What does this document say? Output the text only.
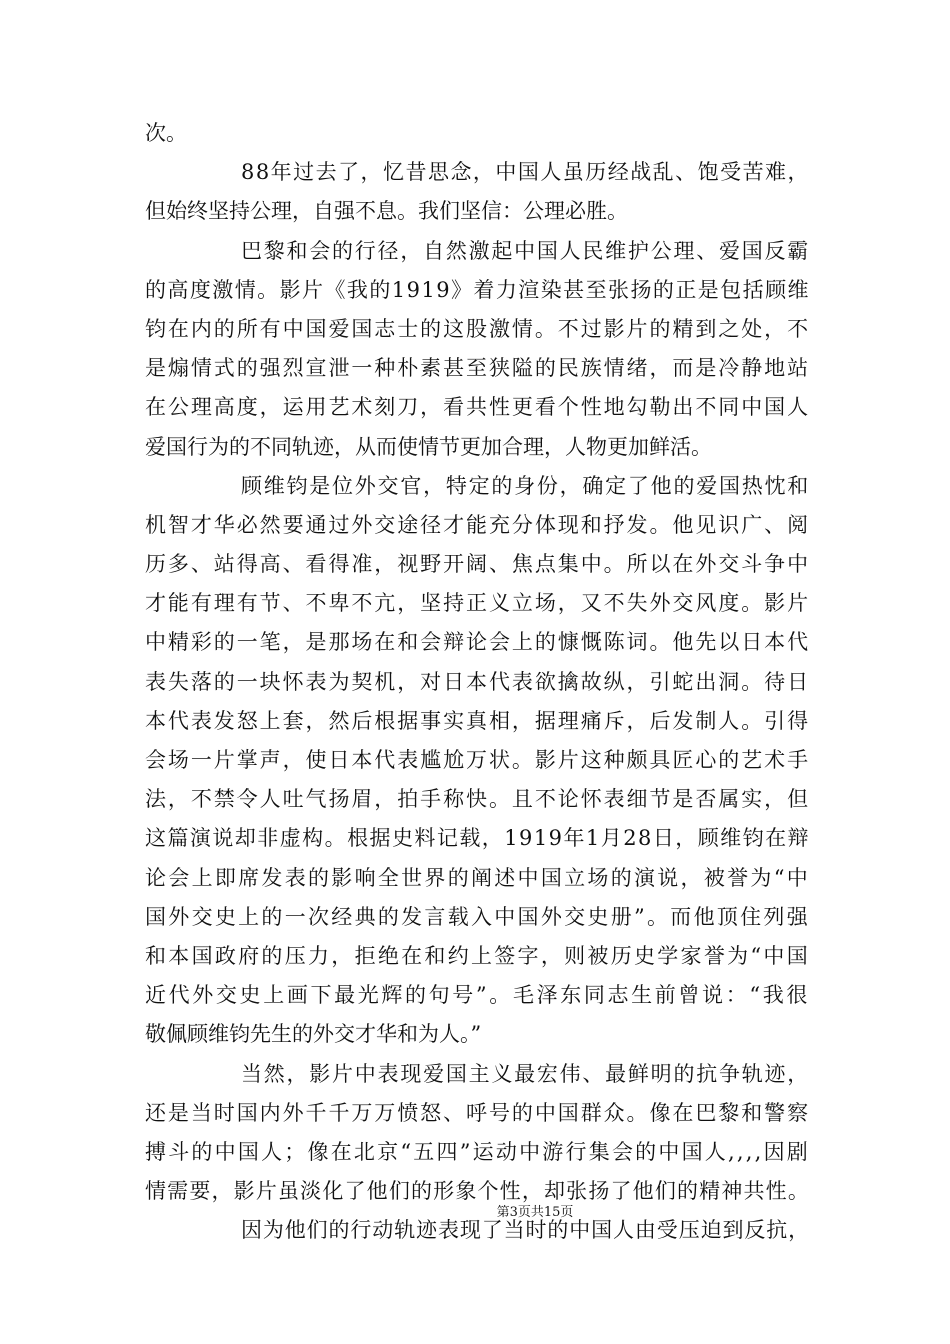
次。
88年过去了，忆昔思念，中国人虽历经战乱、饱受苦难，
但始终坚持公理，自强不息。我们坚信：公理必胜。
巴黎和会的行径，自然激起中国人民维护公理、爱国反霸
的高度激情。影片《我的1919》着力渲染甚至张扬的正是包括顾维
钧在内的所有中国爱国志士的这股激情。不过影片的精到之处，不
是煽情式的强烈宣泄一种朴素甚至狭隘的民族情绪，而是冷静地站
在公理高度，运用艺术刻刀，看共性更看个性地勾勒出不同中国人
爱国行为的不同轨迹，从而使情节更加合理，人物更加鲜活。
顾维钧是位外交官，特定的身份，确定了他的爱国热忱和
机智才华必然要通过外交途径才能充分体现和抒发。他见识广、阅
历多、站得高、看得准，视野开阔、焦点集中。所以在外交斗争中
才能有理有节、不卑不亢，坚持正义立场，又不失外交风度。影片
中精彩的一笔，是那场在和会辩论会上的慷慨陈词。他先以日本代
表失落的一块怀表为契机，对日本代表欲擒故纵，引蛇出洞。待日
本代表发怒上套，然后根据事实真相，据理痛斥，后发制人。引得
会场一片掌声，使日本代表尴尬万状。影片这种颇具匠心的艺术手
法，不禁令人吐气扬眉，拍手称快。且不论怀表细节是否属实，但
这篇演说却非虚构。根据史料记载，1919年1月28日，顾维钧在辩
论会上即席发表的影响全世界的阐述中国立场的演说，被誉为“中
国外交史上的一次经典的发言载入中国外交史册”。而他顶住列强
和本国政府的压力，拒绝在和约上签字，则被历史学家誉为“中国
近代外交史上画下最光辉的句号”。毛泽东同志生前曾说：“我很
敬佩顾维钧先生的外交才华和为人。”
当然，影片中表现爱国主义最宏伟、最鲜明的抗争轨迹，
还是当时国内外千千万万愤怒、呼号的中国群众。像在巴黎和警察
搏斗的中国人；像在北京“五四”运动中游行集会的中国人,,,,因剧
情需要，影片虽淡化了他们的形象个性，却张扬了他们的精神共性。
因为他们的行动轨迹表现了当时的中国人由受压迫到反抗，
第3页共15页
